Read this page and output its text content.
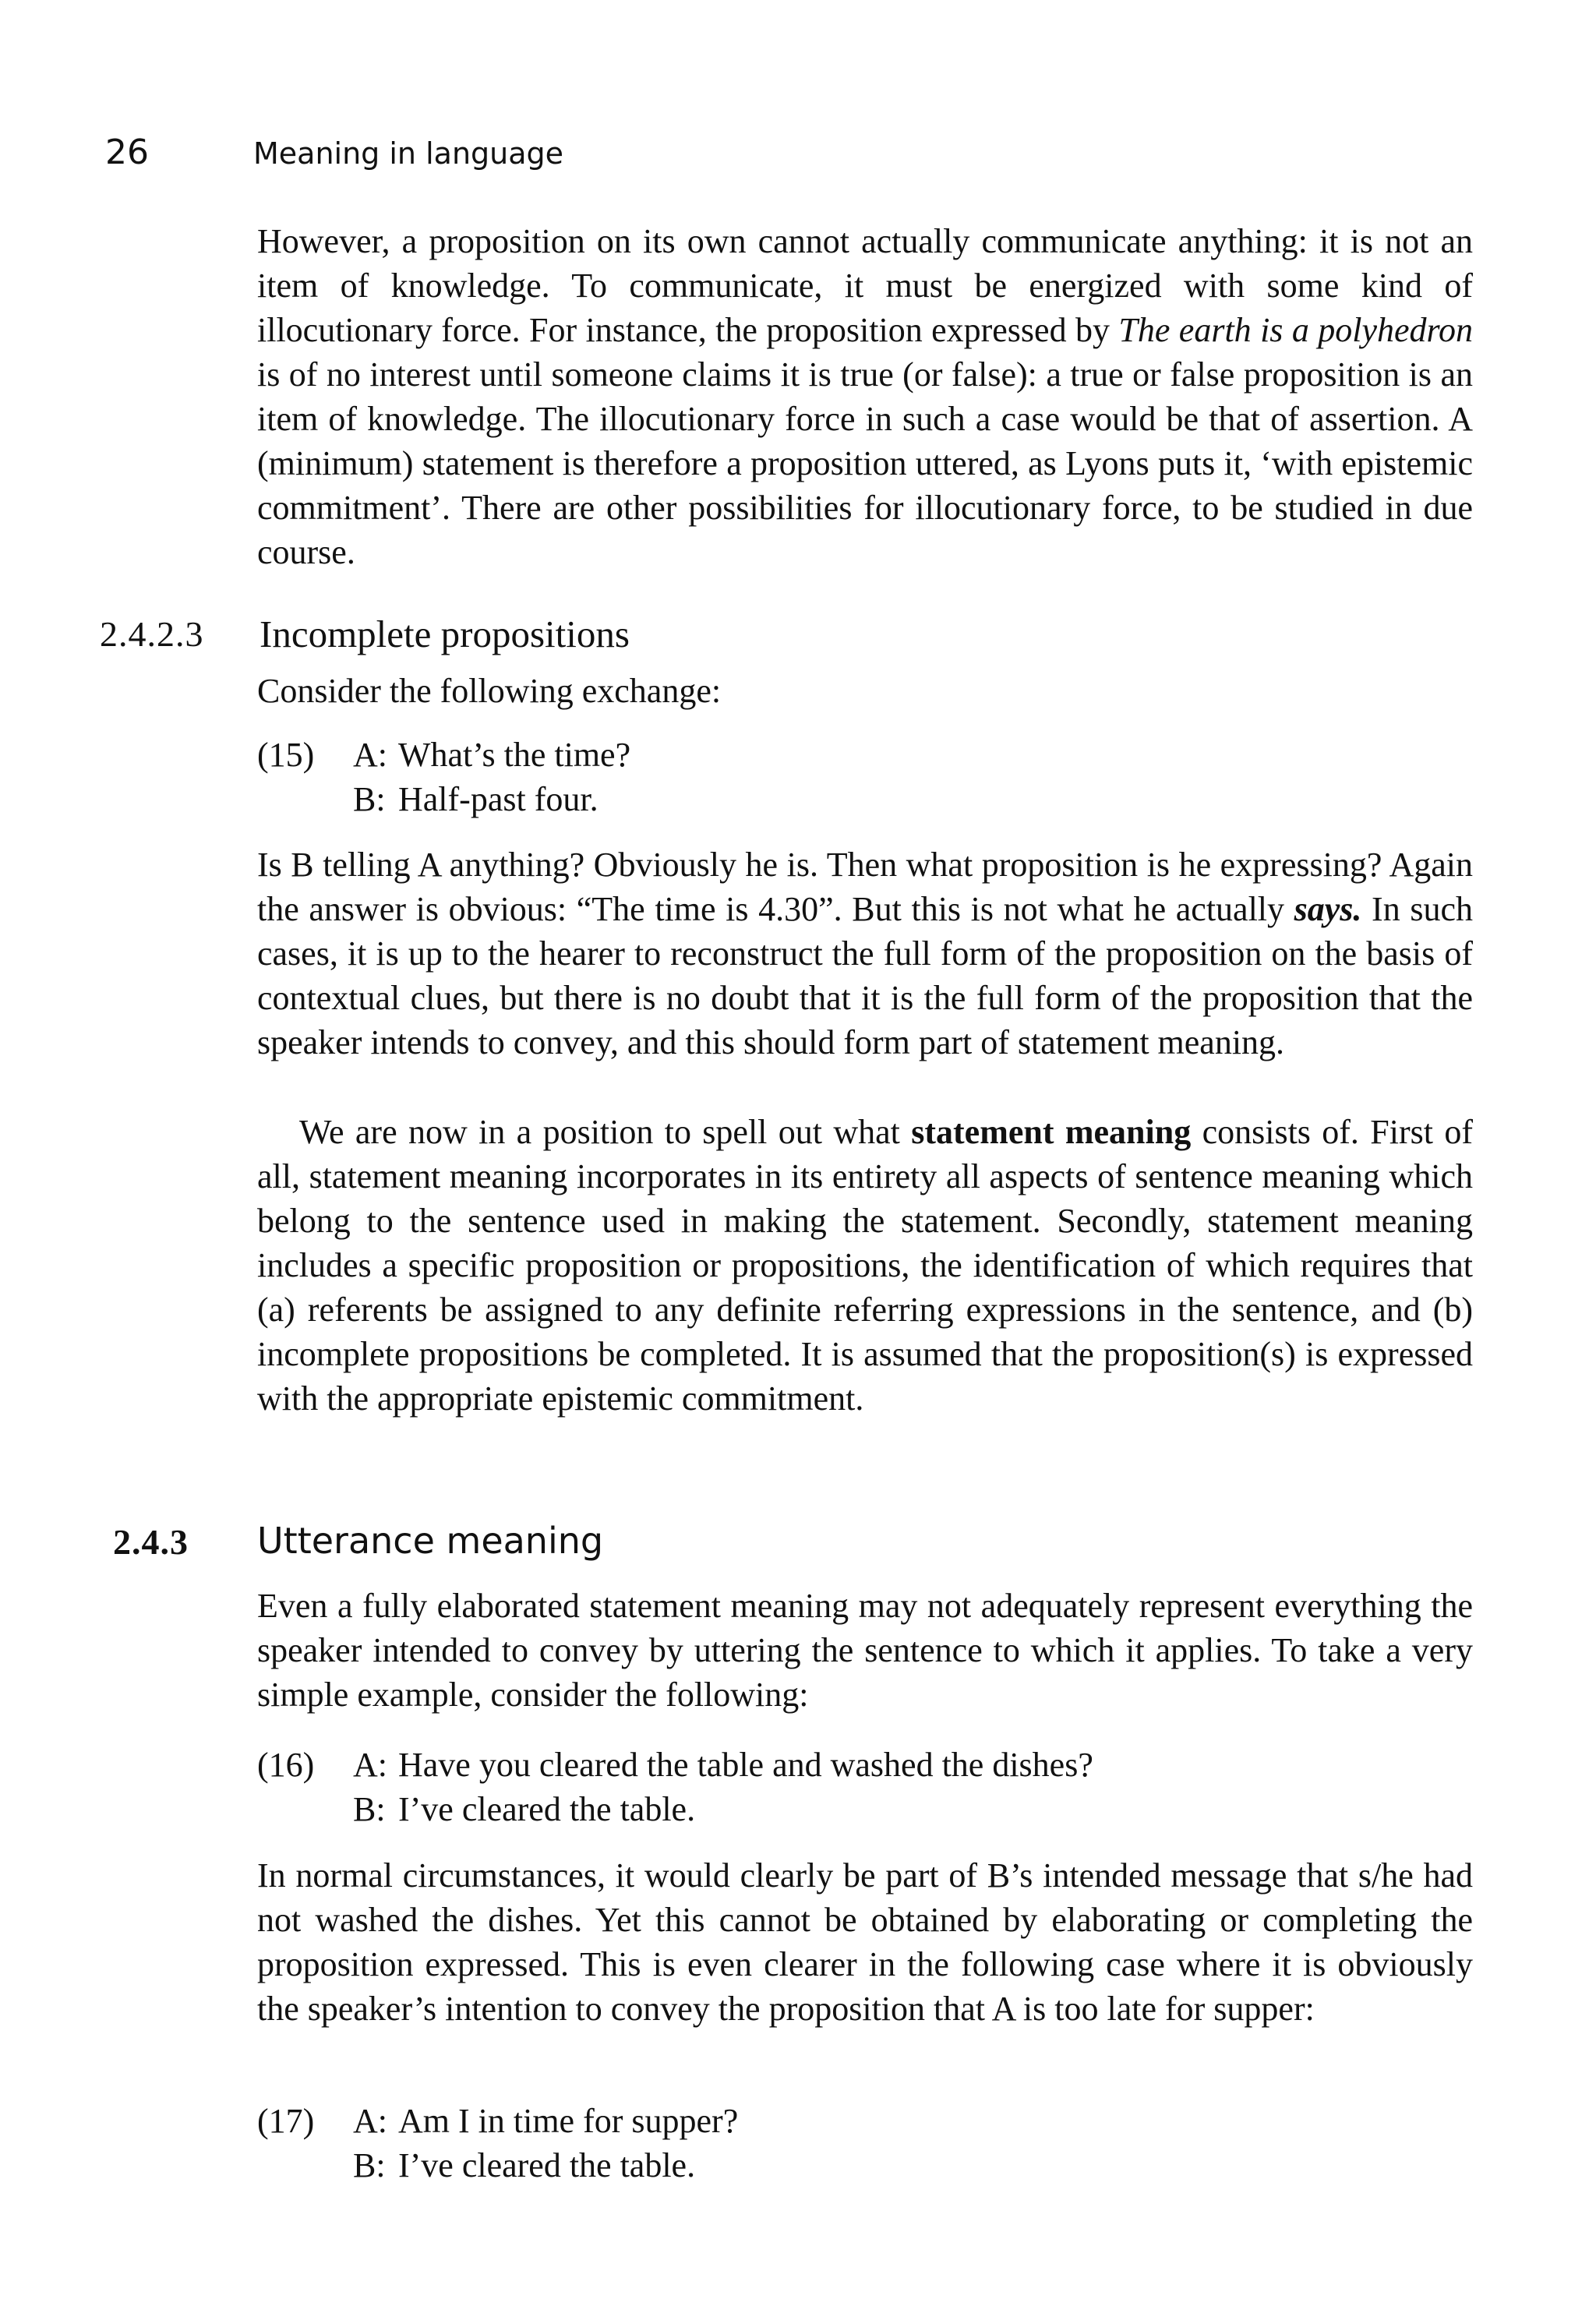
26	Meaning in language

However, a proposition on its own cannot actually communicate anything: it is not an item of knowledge. To communicate, it must be energized with some kind of illocutionary force. For instance, the proposition expressed by The earth is a polyhedron is of no interest until someone claims it is true (or false): a true or false proposition is an item of knowledge. The illocutionary force in such a case would be that of assertion. A (minimum) statement is therefore a proposition uttered, as Lyons puts it, ‘with epistemic commitment’. There are other possibilities for illocutionary force, to be studied in due course.

2.4.2.3 Incomplete propositions

Consider the following exchange:

(15) A: What’s the time?
B: Half-past four.

Is B telling A anything? Obviously he is. Then what proposition is he expressing? Again the answer is obvious: “The time is 4.30”. But this is not what he actually says. In such cases, it is up to the hearer to reconstruct the full form of the proposition on the basis of contextual clues, but there is no doubt that it is the full form of the proposition that the speaker intends to convey, and this should form part of statement meaning.

We are now in a position to spell out what statement meaning consists of. First of all, statement meaning incorporates in its entirety all aspects of sentence meaning which belong to the sentence used in making the statement. Secondly, statement meaning includes a specific proposition or propositions, the identification of which requires that (a) referents be assigned to any definite referring expressions in the sentence, and (b) incomplete propositions be completed. It is assumed that the proposition(s) is expressed with the appropriate epistemic commitment.

2.4.3 Utterance meaning

Even a fully elaborated statement meaning may not adequately represent everything the speaker intended to convey by uttering the sentence to which it applies. To take a very simple example, consider the following:

(16) A: Have you cleared the table and washed the dishes?
B: I’ve cleared the table.

In normal circumstances, it would clearly be part of B’s intended message that s/he had not washed the dishes. Yet this cannot be obtained by elaborating or completing the proposition expressed. This is even clearer in the following case where it is obviously the speaker’s intention to convey the proposition that A is too late for supper:

(17) A: Am I in time for supper?
B: I’ve cleared the table.
